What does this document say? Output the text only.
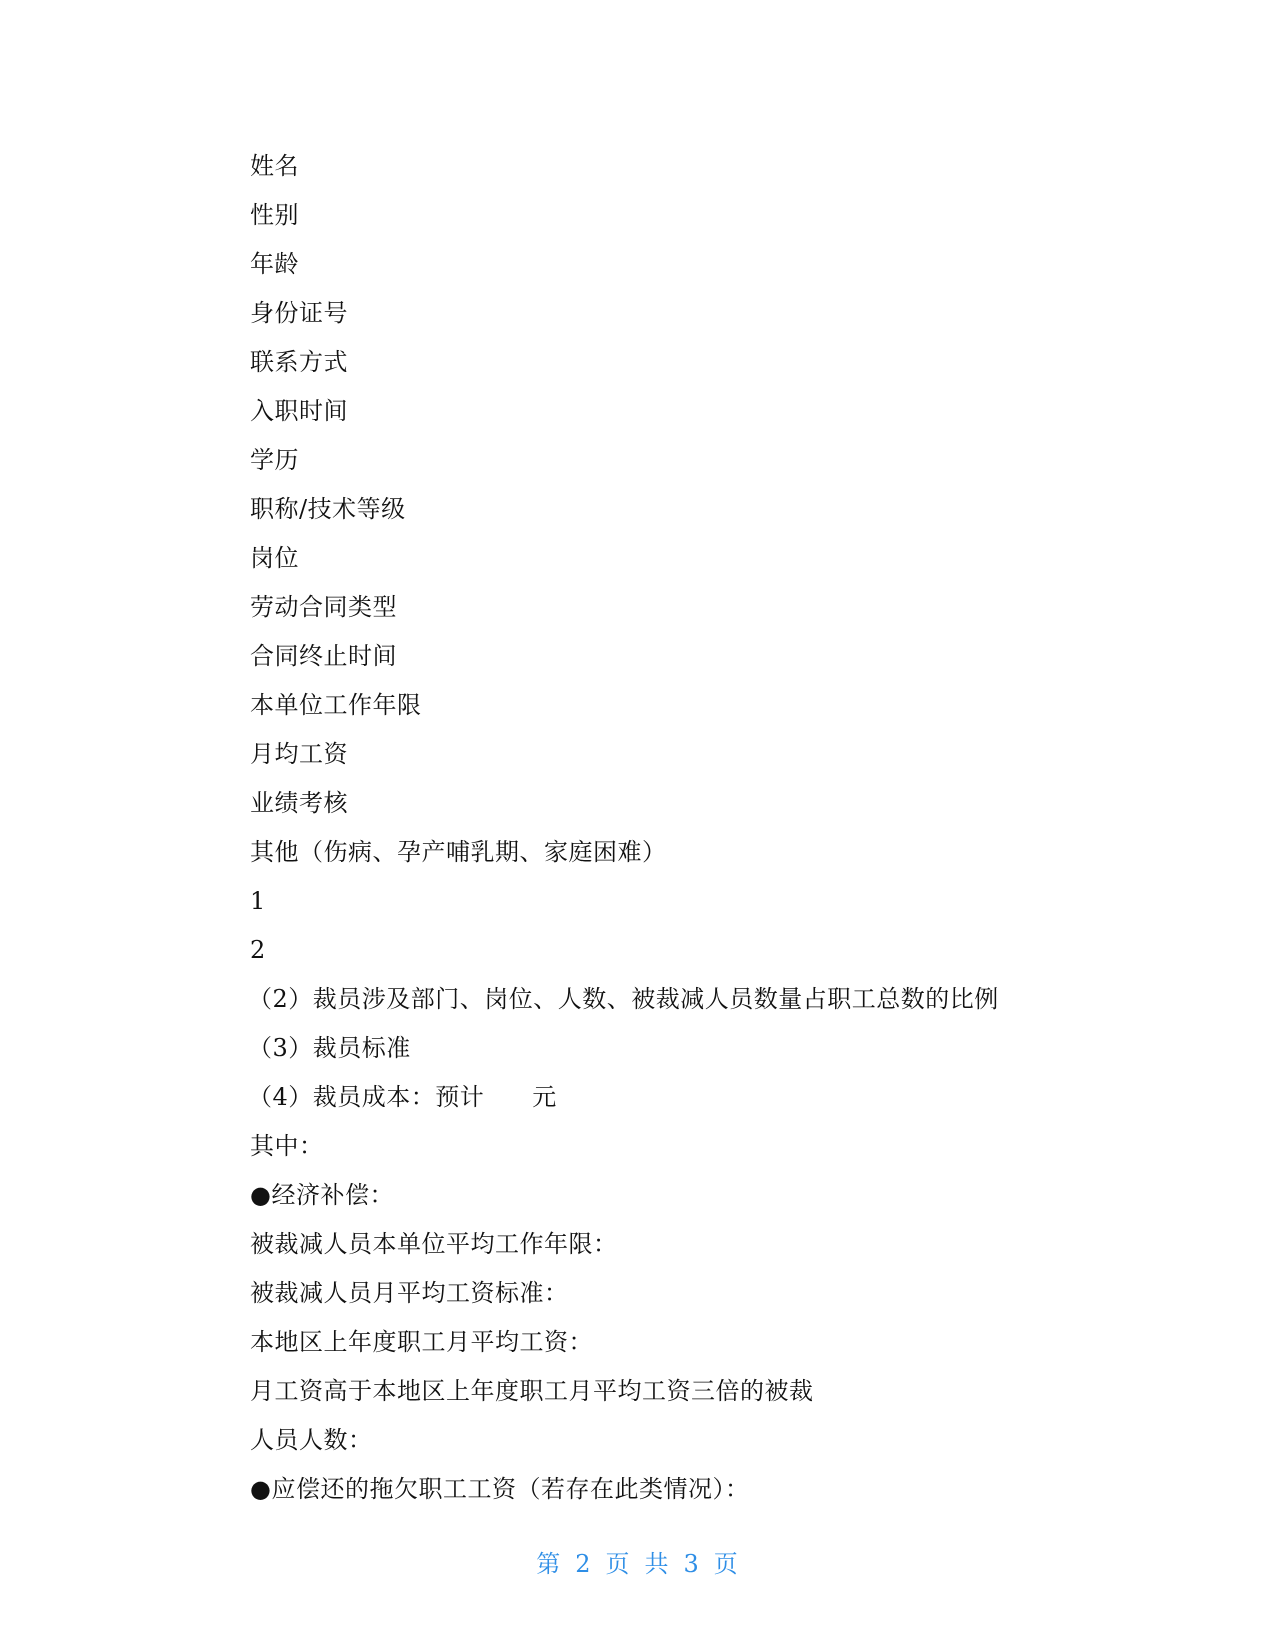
姓名
性别
年龄
身份证号
联系方式
入职时间
学历
职称/技术等级
岗位
劳动合同类型
合同终止时间
本单位工作年限
月均工资
业绩考核
其他（伤病、孕产哺乳期、家庭困难）
1
2
（2）裁员涉及部门、岗位、人数、被裁减人员数量占职工总数的比例
（3）裁员标准
（4）裁员成本：预计 元
其中：
●经济补偿：
被裁减人员本单位平均工作年限：
被裁减人员月平均工资标准：
本地区上年度职工月平均工资：
月工资高于本地区上年度职工月平均工资三倍的被裁
人员人数：
●应偿还的拖欠职工工资（若存在此类情况）：
第 2 页 共 3 页
